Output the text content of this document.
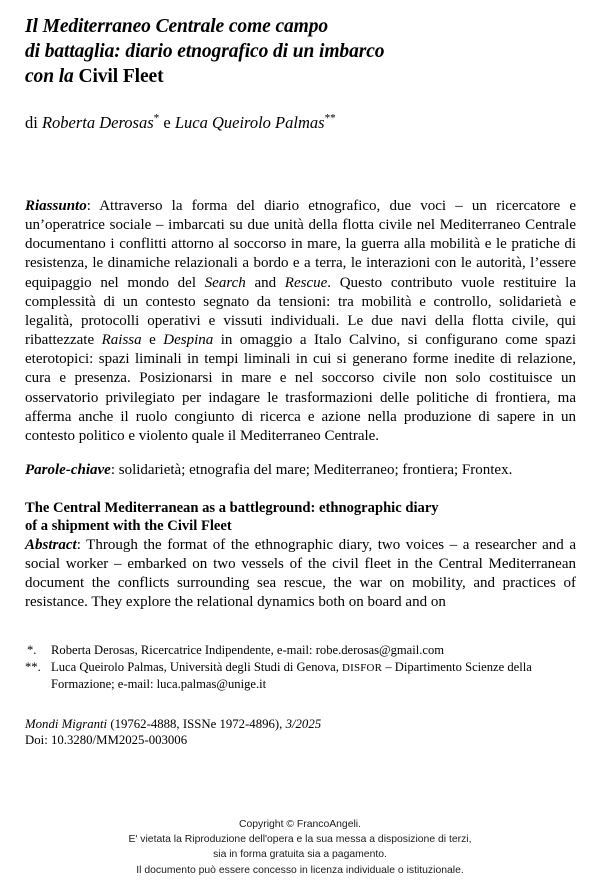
Il Mediterraneo Centrale come campo
di battaglia: diario etnografico di un imbarco
con la Civil Fleet
di Roberta Derosas* e Luca Queirolo Palmas**

Riassunto: Attraverso la forma del diario etnografico, due voci – un ricercatore e un’operatrice sociale – imbarcati su due unità della flotta civile nel Mediterraneo Centrale documentano i conflitti attorno al soccorso in mare, la guerra alla mobilità e le pratiche di resistenza, le dinamiche relazionali a bordo e a terra, le interazioni con le autorità, l’essere equipaggio nel mondo del Search and Rescue. Questo contributo vuole restituire la complessità di un contesto segnato da tensioni: tra mobilità e controllo, solidarietà e legalità, protocolli operativi e vissuti individuali. Le due navi della flotta civile, qui ribattezzate Raissa e Despina in omaggio a Italo Calvino, si configurano come spazi eterotopici: spazi liminali in tempi liminali in cui si generano forme inedite di relazione, cura e presenza. Posizionarsi in mare e nel soccorso civile non solo costituisce un osservatorio privilegiato per indagare le trasformazioni delle politiche di frontiera, ma afferma anche il ruolo congiunto di ricerca e azione nella produzione di sapere in un contesto politico e violento quale il Mediterraneo Centrale.

Parole-chiave: solidarietà; etnografia del mare; Mediterraneo; frontiera; Frontex.

The Central Mediterranean as a battleground: ethnographic diary
of a shipment with the Civil Fleet

Abstract: Through the format of the ethnographic diary, two voices – a researcher and a social worker – embarked on two vessels of the civil fleet in the Central Mediterranean document the conflicts surrounding sea rescue, the war on mobility, and practices of resistance. They explore the relational dynamics both on board and on

*.	Roberta Derosas, Ricercatrice Indipendente, e-mail: robe.derosas@gmail.com
**. Luca Queirolo Palmas, Università degli Studi di Genova, DISFOR – Dipartimento Scienze della Formazione; e-mail: luca.palmas@unige.it
Mondi Migranti (19762-4888, ISSNe 1972-4896), 3/2025
Doi: 10.3280/MM2025-003006
Copyright © FrancoAngeli.
E' vietata la Riproduzione dell'opera e la sua messa a disposizione di terzi,
sia in forma gratuita sia a pagamento.
Il documento può essere concesso in licenza individuale o istituzionale.
